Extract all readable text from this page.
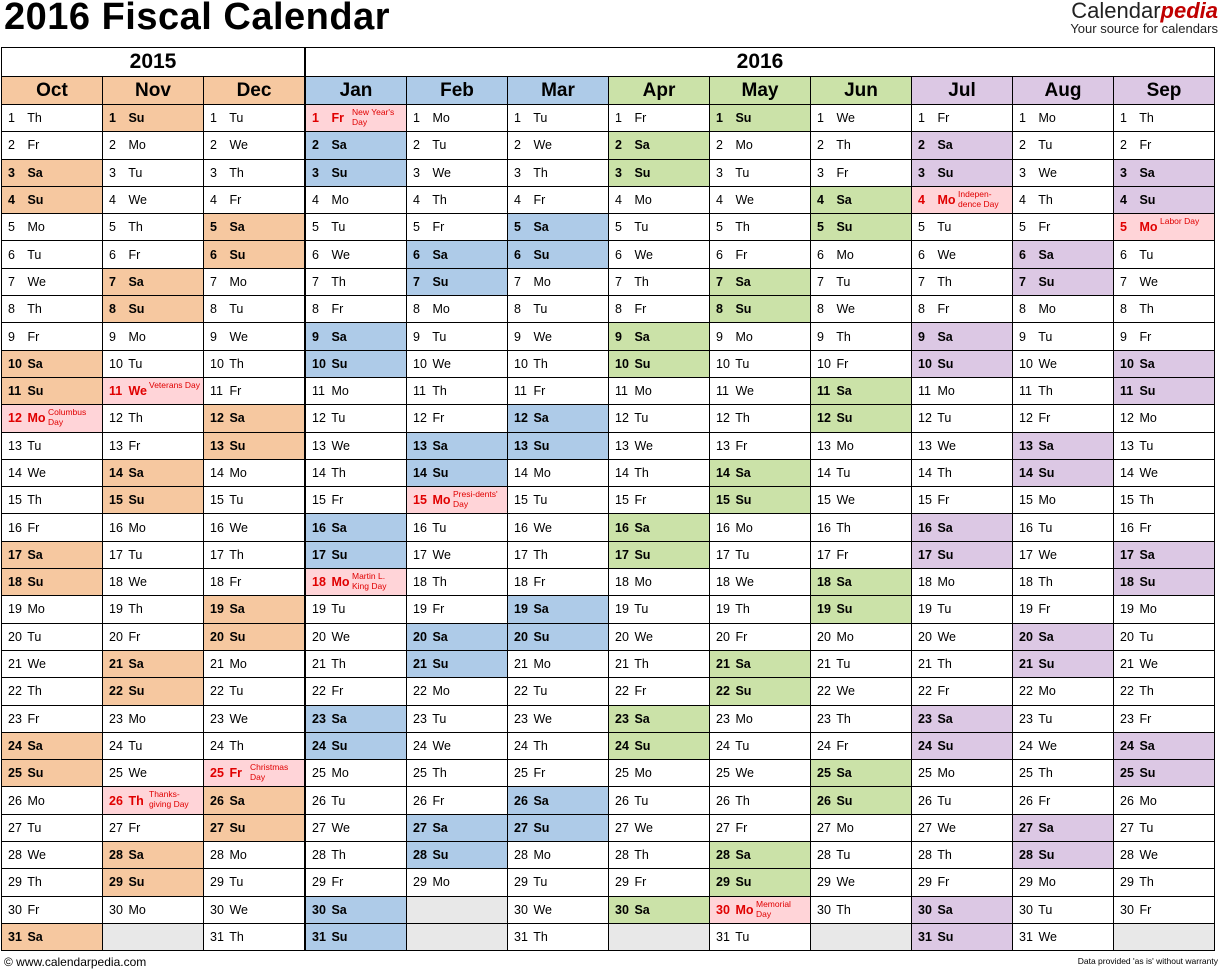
2016 Fiscal Calendar	Calendarpedia
Your source for calendars
2015			2016								
Oct	Nov	Dec	Jan	Feb	Mar	Apr	May	Jun	Jul	Aug	Sep
1 Th	1 Su	1 Tu	1 Fr New Year's Day	1 Mo	1 Tu	1 Fr	1 Su	1 We	1 Fr	1 Mo	1 Th
2 Fr	2 Mo	2 We	2 Sa	2 Tu	2 We	2 Sa	2 Mo	2 Th	2 Sa	2 Tu	2 Fr
3 Sa	3 Tu	3 Th	3 Su	3 We	3 Th	3 Su	3 Tu	3 Fr	3 Su	3 We	3 Sa
4 Su	4 We	4 Fr	4 Mo	4 Th	4 Fr	4 Mo	4 We	4 Sa	4 Mo Indepen-dence Day	4 Th	4 Su
5 Mo	5 Th	5 Sa	5 Tu	5 Fr	5 Sa	5 Tu	5 Th	5 Su	5 Tu	5 Fr	5 Mo Labor Day

6 Tu	6 Fr	6 Su	6 We	6 Sa	6 Su	6 We	6 Fr	6 Mo	6 We	6 Sa	6 Tu
7 We	7 Sa	7 Mo	7 Th	7 Su	7 Mo	7 Th	7 Sa	7 Tu	7 Th	7 Su	7 We
8 Th	8 Su	8 Tu	8 Fr	8 Mo	8 Tu	8 Fr	8 Su	8 We	8 Fr	8 Mo	8 Th
9 Fr	9 Mo	9 We	9 Sa	9 Tu	9 We	9 Sa	9 Mo	9 Th	9 Sa	9 Tu	9 Fr
10 Sa	10 Tu	10 Th	10 Su	10 We	10 Th	10 Su	10 Tu	10 Fr	10 Su	10 We	10 Sa
11 Su	11 We Veterans Day	11 Fr	11 Mo	11 Th	11 Fr	11 Mo	11 We	11 Sa	11 Mo	11 Th	11 Su
12 Mo Columbus Day	12 Th	12 Sa	12 Tu	12 Fr	12 Sa	12 Tu	12 Th	12 Su	12 Tu	12 Fr	12 Mo
13 Tu	13 Fr	13 Su	13 We	13 Sa	13 Su	13 We	13 Fr	13 Mo	13 We	13 Sa	13 Tu
14 We	14 Sa	14 Mo	14 Th	14 Su	14 Mo	14 Th	14 Sa	14 Tu	14 Th	14 Su	14 We
15 Th	15 Su	15 Tu	15 Fr	15 Mo Presi-dents' Day	15 Tu	15 Fr	15 Su	15 We	15 Fr	15 Mo	15 Th
16 Fr	16 Mo	16 We	16 Sa	16 Tu	16 We	16 Sa	16 Mo	16 Th	16 Sa	16 Tu	16 Fr
17 Sa	17 Tu	17 Th	17 Su	17 We	17 Th	17 Su	17 Tu	17 Fr	17 Su	17 We	17 Sa
18 Su	18 We	18 Fr	18 Mo Martin L. King Day	18 Th	18 Fr	18 Mo	18 We	18 Sa	18 Mo	18 Th	18 Su
19 Mo	19 Th	19 Sa	19 Tu	19 Fr	19 Sa	19 Tu	19 Th	19 Su	19 Tu	19 Fr	19 Mo
20 Tu	20 Fr	20 Su	20 We	20 Sa	20 Su	20 We	20 Fr	20 Mo	20 We	20 Sa	20 Tu
21 We	21 Sa	21 Mo	21 Th	21 Su	21 Mo	21 Th	21 Sa	21 Tu	21 Th	21 Su	21 We
22 Th	22 Su	22 Tu	22 Fr	22 Mo	22 Tu	22 Fr	22 Su	22 We	22 Fr	22 Mo	22 Th
23 Fr	23 Mo	23 We	23 Sa	23 Tu	23 We	23 Sa	23 Mo	23 Th	23 Sa	23 Tu	23 Fr
24 Sa	24 Tu	24 Th	24 Su	24 We	24 Th	24 Su	24 Tu	24 Fr	24 Su	24 We	24 Sa
25 Su	25 We	25 Fr Christmas Day	25 Mo	25 Th	25 Fr	25 Mo	25 We	25 Sa	25 Mo	25 Th	25 Su
26 Mo	26 Th Thanks-giving Day	26 Sa	26 Tu	26 Fr	26 Sa	26 Tu	26 Th	26 Su	26 Tu	26 Fr	26 Mo
27 Tu	27 Fr	27 Su	27 We	27 Sa	27 Su	27 We	27 Fr	27 Mo	27 We	27 Sa	27 Tu
28 We	28 Sa	28 Mo	28 Th	28 Su	28 Mo	28 Th	28 Sa	28 Tu	28 Th	28 Su	28 We
29 Th	29 Su	29 Tu	29 Fr	29 Mo	29 Tu	29 Fr	29 Su	29 We	29 Fr	29 Mo	29 Th
30 Fr	30 Mo	30 We	30 Sa		30 We	30 Sa	30 Mo Memorial Day	30 Th	30 Sa	30 Tu	30 Fr
31 Sa		31 Th	31 Su		31 Th		31 Tu		31 Su	31 We	
© www.calendarpedia.com	Data provided 'as is' without warranty
